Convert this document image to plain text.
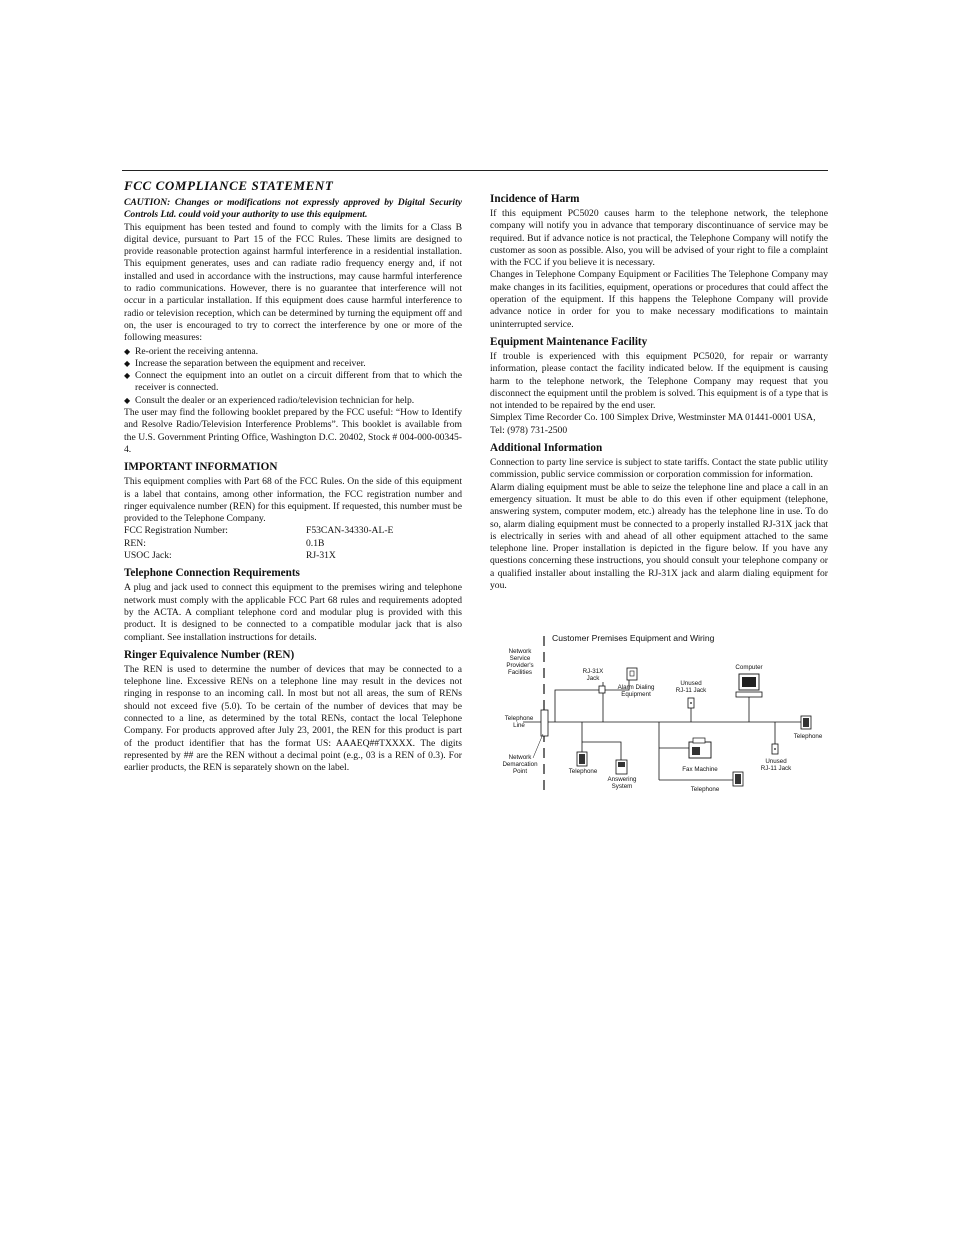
FCC COMPLIANCE STATEMENT

CAUTION: Changes or modifications not expressly approved by Digital Security Controls Ltd. could void your authority to use this equipment.

This equipment has been tested and found to comply with the limits for a Class B digital device, pursuant to Part 15 of the FCC Rules. These limits are designed to provide reasonable protection against harmful interference in a residential installation. This equipment generates, uses and can radiate radio frequency energy and, if not installed and used in accordance with the instructions, may cause harmful interference to radio communications. However, there is no guarantee that interference will not occur in a particular installation. If this equipment does cause harmful interference to radio or television reception, which can be determined by turning the equipment off and on, the user is encouraged to try to correct the interference by one or more of the following measures:

◆ Re-orient the receiving antenna.
◆ Increase the separation between the equipment and receiver.
◆ Connect the equipment into an outlet on a circuit different from that to which the receiver is connected.
◆ Consult the dealer or an experienced radio/television technician for help.

The user may find the following booklet prepared by the FCC useful: “How to Identify and Resolve Radio/Television Interference Problems”. This booklet is available from the U.S. Government Printing Office, Washington D.C. 20402, Stock # 004-000-00345-4.

IMPORTANT INFORMATION

This equipment complies with Part 68 of the FCC Rules. On the side of this equipment is a label that contains, among other information, the FCC registration number and ringer equivalence number (REN) for this equipment. If requested, this number must be provided to the Telephone Company.

FCC Registration Number:	F53CAN-34330-AL-E
REN:	0.1B
USOC Jack:	RJ-31X
Telephone Connection Requirements

A plug and jack used to connect this equipment to the premises wiring and telephone network must comply with the applicable FCC Part 68 rules and requirements adopted by the ACTA. A compliant telephone cord and modular plug is provided with this product. It is designed to be connected to a compatible modular jack that is also compliant. See installation instructions for details.

Ringer Equivalence Number (REN)

The REN is used to determine the number of devices that may be connected to a telephone line. Excessive RENs on a telephone line may result in the devices not ringing in response to an incoming call. In most but not all areas, the sum of RENs should not exceed five (5.0). To be certain of the number of devices that may be connected to a line, as determined by the total RENs, contact the local Telephone Company. For products approved after July 23, 2001, the REN for this product is part of the product identifier that has the format US: AAAEQ##TXXXX. The digits represented by ## are the REN without a decimal point (e.g., 03 is a REN of 0.3). For earlier products, the REN is separately shown on the label.

Incidence of Harm

If this equipment PC5020 causes harm to the telephone network, the telephone company will notify you in advance that temporary discontinuance of service may be required. But if advance notice is not practical, the Telephone Company will notify the customer as soon as possible. Also, you will be advised of your right to file a complaint with the FCC if you believe it is necessary.

Changes in Telephone Company Equipment or Facilities The Telephone Company may make changes in its facilities, equipment, operations or procedures that could affect the operation of the equipment. If this happens the Telephone Company will provide advance notice in order for you to make necessary modifications to maintain uninterrupted service.

Equipment Maintenance Facility

If trouble is experienced with this equipment PC5020, for repair or warranty information, please contact the facility indicated below. If the equipment is causing harm to the telephone network, the Telephone Company may request that you disconnect the equipment until the problem is solved. This equipment is of a type that is not intended to be repaired by the end user.

Simplex Time Recorder Co. 100 Simplex Drive, Westminster MA 01441-0001 USA, Tel: (978) 731-2500

Additional Information

Connection to party line service is subject to state tariffs. Contact the state public utility commission, public service commission or corporation commission for information.

Alarm dialing equipment must be able to seize the telephone line and place a call in an emergency situation. It must be able to do this even if other equipment (telephone, answering system, computer modem, etc.) already has the telephone line in use. To do so, alarm dialing equipment must be connected to a properly installed RJ-31X jack that is electrically in series with and ahead of all other equipment attached to the same telephone line. Proper installation is depicted in the figure below. If you have any questions concerning these instructions, you should consult your telephone company or a qualified installer about installing the RJ-31X jack and alarm dialing equipment for you.

Customer Premises Equipment and Wiring
Network
Service
Provider's
Facilities	RJ-31X
Jack
Alarm Dialing
Equipment
Unused
RJ-11 Jack
Computer
Telephone
Line
Network
Demarcation
Point	Telephone
Answering
System
Fax Machine
Telephone
Unused
RJ-11 Jack
Telephone
